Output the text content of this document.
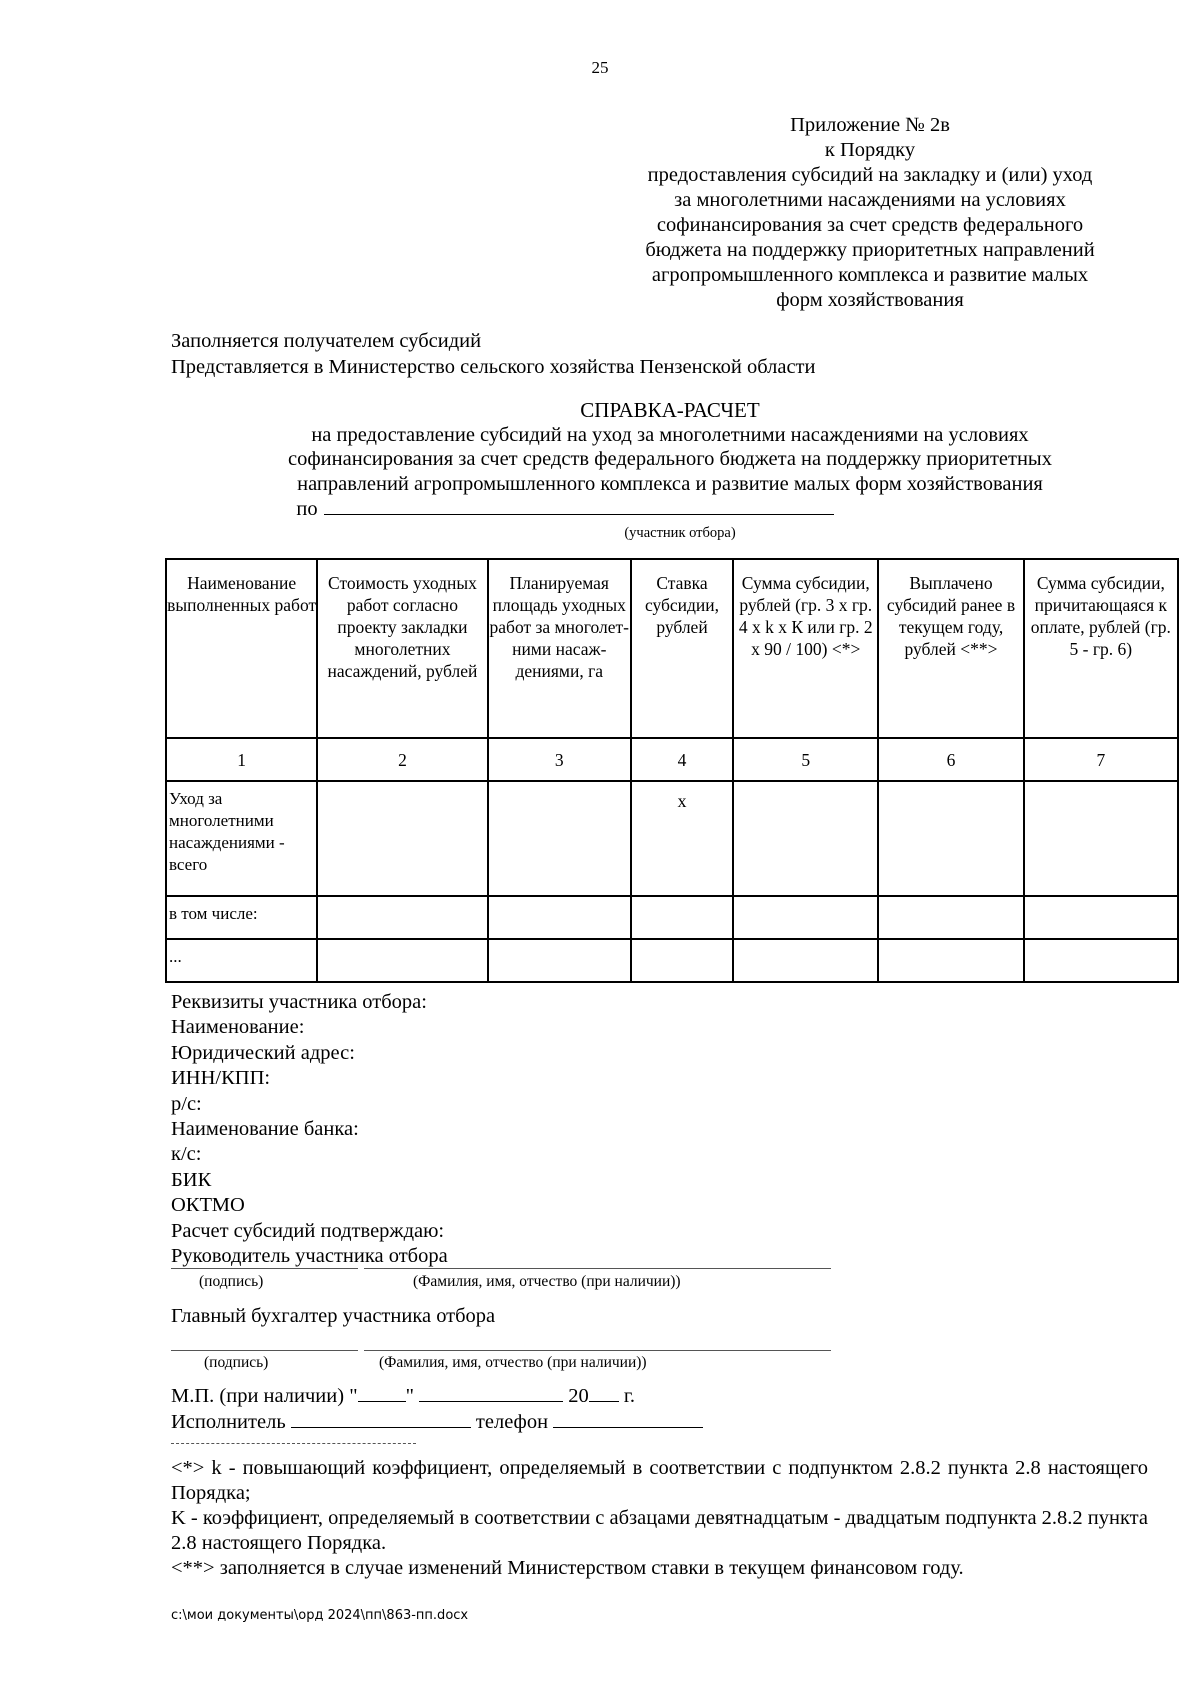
25
Приложение № 2в
к Порядку
предоставления субсидий на закладку и (или) уход
за многолетними насаждениями на условиях
софинансирования за счет средств федерального
бюджета на поддержку приоритетных направлений
агропромышленного комплекса и развитие малых
форм хозяйствования
Заполняется получателем субсидий
Представляется в Министерство сельского хозяйства Пензенской области
СПРАВКА-РАСЧЕТ
на предоставление субсидий на уход за многолетними насаждениями на условиях
софинансирования за счет средств федерального бюджета на поддержку приоритетных
направлений агропромышленного комплекса и развитие малых форм хозяйствования
по
(участник отбора)
Наименование выполненных работ	Стоимость уходных работ согласно проекту закладки многолетних насаждений, рублей	Планируемая площадь уходных работ за многолет-ними насаж-дениями, га	Ставка субсидии, рублей	Сумма субсидии, рублей (гр. 3 x гр. 4 x k x К или гр. 2 x 90 / 100) <*>	Выплачено субсидий ранее в текущем году, рублей <**>	Сумма субсидии, причитающаяся к оплате, рублей (гр. 5 - гр. 6)
1	2	3	4	5	6	7
Уход за многолетними насаждениями - всего			x			
в том числе:						
...						
Реквизиты участника отбора:
Наименование:
Юридический адрес:
ИНН/КПП:
р/с:
Наименование банка:
к/с:
БИК
ОКТМО
Расчет субсидий подтверждаю:
Руководитель участника отбора
(подпись)	(Фамилия, имя, отчество (при наличии))
Главный бухгалтер участника отбора
(подпись)	(Фамилия, имя, отчество (при наличии))
М.П. (при наличии) " "	20 г.
Исполнитель	телефон

<*> k - повышающий коэффициент, определяемый в соответствии с подпунктом 2.8.2 пункта 2.8 настоящего Порядка;

K - коэффициент, определяемый в соответствии с абзацами девятнадцатым - двадцатым подпункта 2.8.2 пункта 2.8 настоящего Порядка.

<**> заполняется в случае изменений Министерством ставки в текущем финансовом году.

c:\мои документы\орд 2024\пп\863-пп.docx
